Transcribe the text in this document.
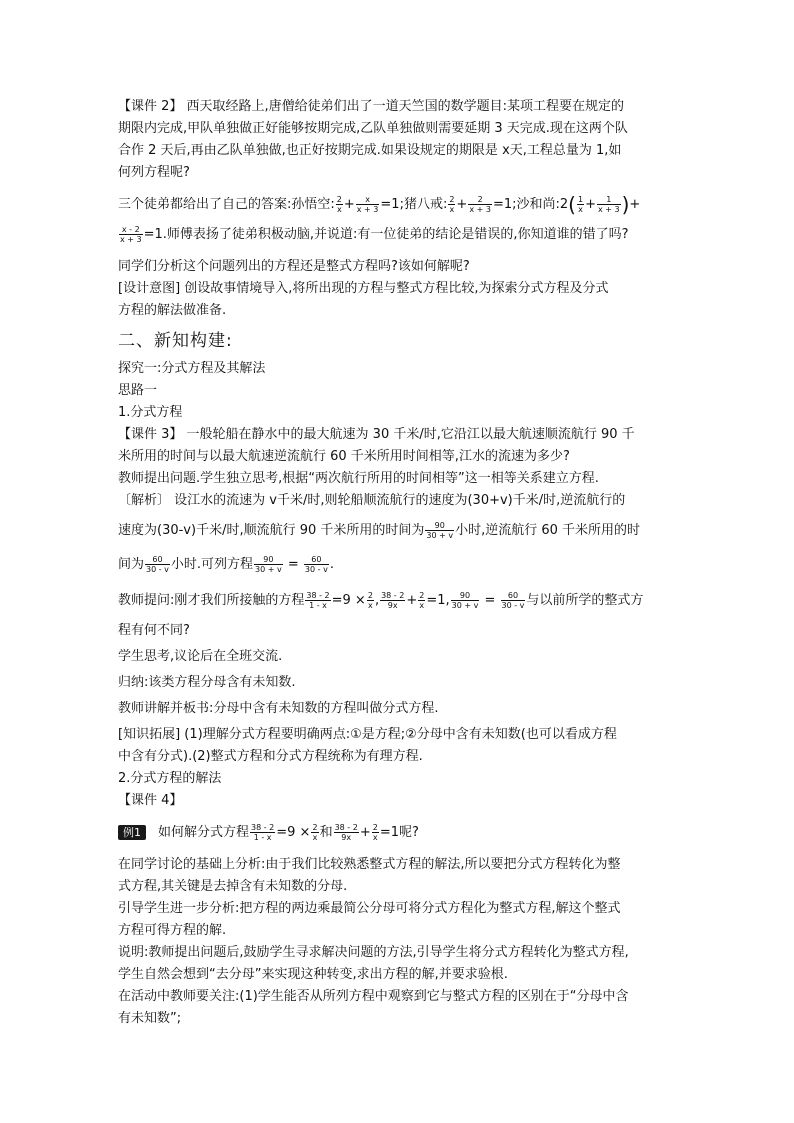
【课件 2】 西天取经路上,唐僧给徒弟们出了一道天竺国的数学题目:某项工程要在规定的
期限内完成,甲队单独做正好能够按期完成,乙队单独做则需要延期 3 天完成.现在这两个队
合作 2 天后,再由乙队单独做,也正好按期完成.如果设规定的期限是 x天,工程总量为 1,如
何列方程呢?
三个徒弟都给出了自己的答案:孙悟空: $\frac{2}{x} + \frac{x}{x + 3} =1$;猪八戒: $\frac{2}{x} + \frac{2}{x + 3} =1$;沙和尚:2( $\frac{1}{x} + \frac{1}{x + 3}$ )+
$\frac{x - 2}{x + 3} =1$.师傅表扬了徒弟积极动脑,并说道:有一位徒弟的结论是错误的,你知道谁的错了吗?
同学们分析这个问题列出的方程还是整式方程吗?该如何解呢?
[设计意图] 创设故事情境导入,将所出现的方程与整式方程比较,为探索分式方程及分式
方程的解法做准备.
二、新知构建:
探究一:分式方程及其解法
思路一
1.分式方程
【课件 3】 一般轮船在静水中的最大航速为 30 千米/时,它沿江以最大航速顺流航行 90 千
米所用的时间与以最大航速逆流航行 60 千米所用时间相等,江水的流速为多少?
教师提出问题.学生独立思考,根据“两次航行所用的时间相等”这一相等关系建立方程.
〔解析〕 设江水的流速为 v千米/时,则轮船顺流航行的速度为(30+v)千米/时,逆流航行的
速度为(30-v)千米/时,顺流航行 90 千米所用的时间为 $\frac{90}{30 + v}$ 小时,逆流航行 60 千米所用的时
间为 $\frac{60}{30 - v}$ 小时.可列方程 $\frac{90}{30 + v} = \frac{60}{30 - v}$ .
教师提问:刚才我们所接触的方程 $\frac{38 - 2}{1 - x} =9 \times \frac{2}{x}$ , $\frac{38 - 2}{9x} + \frac{2}{x} =1$, $\frac{90}{30 + v} = \frac{60}{30 - v}$ 与以前所学的整式方
程有何不同?
学生思考,议论后在全班交流.
归纳:该类方程分母含有未知数.
教师讲解并板书:分母中含有未知数的方程叫做分式方程.
[知识拓展] (1)理解分式方程要明确两点:①是方程;②分母中含有未知数(也可以看成方程
中含有分式).(2)整式方程和分式方程统称为有理方程.
2.分式方程的解法
【课件 4】
例1 如何解分式方程 $\frac{38 - 2}{1 - x} =9 \times \frac{2}{x}$ 和 $\frac{38 - 2}{9x} + \frac{2}{x} =1$呢?
在同学讨论的基础上分析:由于我们比较熟悉整式方程的解法,所以要把分式方程转化为整
式方程,其关键是去掉含有未知数的分母.
引导学生进一步分析:把方程的两边乘最简公分母可将分式方程化为整式方程,解这个整式
方程可得方程的解.
说明:教师提出问题后,鼓励学生寻求解决问题的方法,引导学生将分式方程转化为整式方程,
学生自然会想到“去分母”来实现这种转变,求出方程的解,并要求验根.
在活动中教师要关注:(1)学生能否从所列方程中观察到它与整式方程的区别在于“分母中含
有未知数”;
